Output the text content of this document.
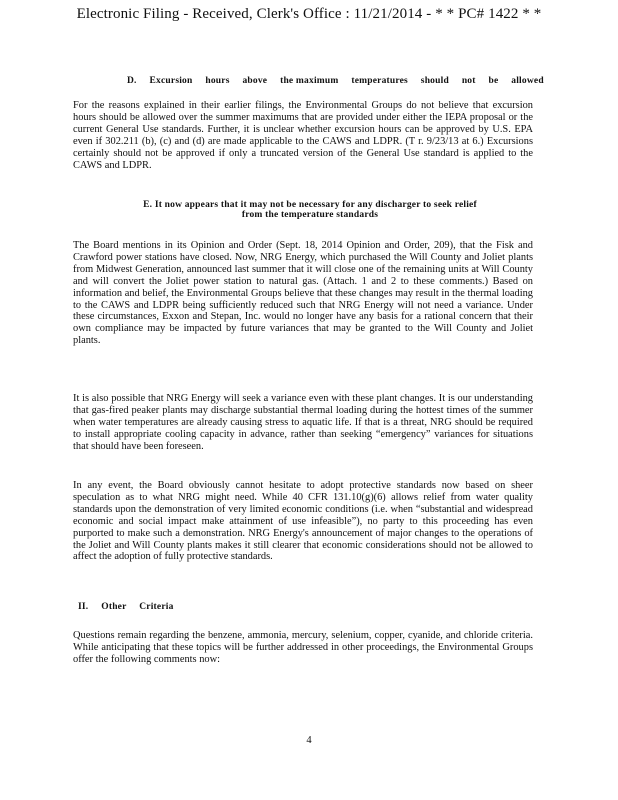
Electronic Filing - Received, Clerk's Office : 11/21/2014 - * * PC# 1422 * *
D.     Excursion     hours     above     the maximum     temperatures     should     not     be     allowed
For the reasons explained in their earlier filings, the Environmental Groups do not believe that excursion hours should be allowed over the summer maximums that are provided under either the IEPA proposal or the current General Use standards. Further, it is unclear whether excursion hours can be approved by U.S. EPA even if 302.211 (b), (c) and (d) are made applicable to the CAWS and LDPR. (T r. 9/23/13 at 6.) Excursions certainly should not be approved if only a truncated version of the General Use standard is applied to the CAWS and LDPR.
E. It now appears that it may not be necessary for any discharger to seek relief
from the temperature standards
The Board mentions in its Opinion and Order (Sept. 18, 2014 Opinion and Order, 209), that the Fisk and Crawford power stations have closed. Now, NRG Energy, which purchased the Will County and Joliet plants from Midwest Generation, announced last summer that it will close one of the remaining units at Will County and will convert the Joliet power station to natural gas. (Attach. 1 and 2 to these comments.) Based on information and belief, the Environmental Groups believe that these changes may result in the thermal loading to the CAWS and LDPR being sufficiently reduced such that NRG Energy will not need a variance. Under these circumstances, Exxon and Stepan, Inc. would no longer have any basis for a rational concern that their own compliance may be impacted by future variances that may be granted to the Will County and Joliet plants.
It is also possible that NRG Energy will seek a variance even with these plant changes. It is our understanding that gas-fired peaker plants may discharge substantial thermal loading during the hottest times of the summer when water temperatures are already causing stress to aquatic life. If that is a threat, NRG should be required to install appropriate cooling capacity in advance, rather than seeking “emergency” variances for situations that should have been foreseen.
In any event, the Board obviously cannot hesitate to adopt protective standards now based on sheer speculation as to what NRG might need. While 40 CFR 131.10(g)(6) allows relief from water quality standards upon the demonstration of very limited economic conditions (i.e. when “substantial and widespread economic and social impact make attainment of use infeasible”), no party to this proceeding has even purported to make such a demonstration. NRG Energy's announcement of major changes to the operations of the Joliet and Will County plants makes it still clearer that economic considerations should not be allowed to affect the adoption of fully protective standards.
II.     Other     Criteria
Questions remain regarding the benzene, ammonia, mercury, selenium, copper, cyanide, and chloride criteria. While anticipating that these topics will be further addressed in other proceedings, the Environmental Groups offer the following comments now:
4
